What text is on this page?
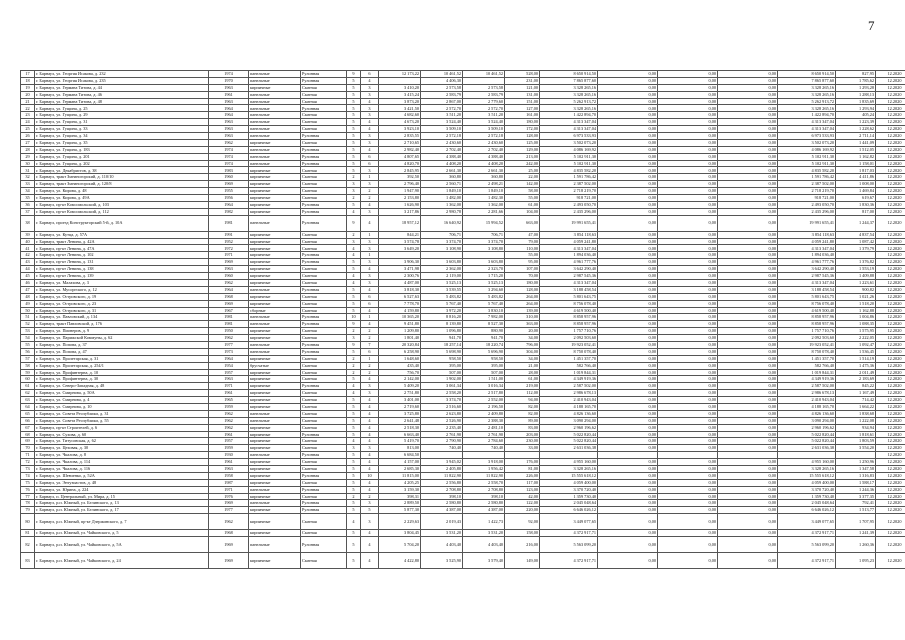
7
17	г. Барнаул, ул. Георгия Исакова, д. 232	1974	панельные	Рулонная	9	6	12 173,22	10 461,52	10 461,52	528,00	8 650 914,50	0,00	0,00	0,00	8 650 914,50	827,95	12.2020
18	г. Барнаул, ул. Георгия Исакова, д. 235	1970	панельные	Рулонная	5	4		4 406,30		231,00	7 865 877,60	0,00	0,00	0,00	7 865 877,60	1 785,62	12.2020
19	г. Барнаул, ул. Германа Титова, д. 44	1963	кирпичные	Скатная	5	3	3 410,20	2 573,58	2 573,58	121,00	3 328 265,16	0,00	0,00	0,00	3 328 265,16	1 293,28	12.2020
20	г. Барнаул, ул. Германа Титова, д. 46	1961	панельные	Скатная	5	3	3 415,24	2 583,79	2 583,79	131,00	3 328 265,16	0,00	0,00	0,00	3 328 265,16	1 288,13	12.2020
21	г. Барнаул, ул. Германа Титова, д. 48	1963	панельные	Скатная	5	4	3 873,20	2 867,00	2 779,60	151,00	5 262 913,72	0,00	0,00	0,00	5 262 913,72	1 835,69	12.2020
22	г. Барнаул, ул. Гущина, д. 25	1964	панельные	Рулонная	5	3	3 421,50	2 572,70	2 572,70	127,00	3 328 265,16	0,00	0,00	0,00	3 328 265,16	1 293,94	12.2020
23	г. Барнаул, ул. Гущина, д. 29	1964	панельные	Скатная	5	3	4 682,60	3 511,20	3 511,20	161,00	1 422 894,70	0,00	0,00	0,00	1 422 894,70	405,24	12.2020
24	г. Барнаул, ул. Гущина, д. 31	1963	панельные	Скатная	5	4	4 673,20	3 524,40	3 524,40	180,00	4 313 347,04	0,00	0,00	0,00	4 313 347,04	1 223,39	12.2020
25	г. Барнаул, ул. Гущина, д. 33	1963	панельные	Скатная	5	4	3 923,10	3 509,10	3 509,10	172,00	4 313 347,04	0,00	0,00	0,00	4 313 347,04	1 228,62	12.2020
26	г. Барнаул, ул. Гущина, д. 34	1963	панельные	Рулонная	5	3	2 835,55	2 572,18	2 572,18	128,00	6 973 533,93	0,00	0,00	0,00	6 973 533,93	2 711,14	12.2020
27	г. Барнаул, ул. Гущина, д. 35	1962	кирпичные	Скатная	5	3	2 710,65	2 430,60	2 430,60	125,00	3 502 073,20	0,00	0,00	0,00	3 502 073,20	1 441,09	12.2020
28	г. Барнаул, ул. Гущина, д. 183	1974	панельные	Рулонная	5	4	2 982,40	2 702,40	2 702,40	129,00	4 086 169,92	0,00	0,00	0,00	4 086 169,92	1 512,05	12.2020
29	г. Барнаул, ул. Гущина, д. 201	1974	панельные	Рулонная	5	6	4 807,65	4 388,40	4 388,40	213,00	5 102 911,30	0,00	0,00	0,00	5 102 911,30	1 162,82	12.2020
30	г. Барнаул, ул. Гущина, д. 202	1974	панельные	Рулонная	5	6	4 820,70	4 408,20	4 408,20	242,00	5 102 911,30	0,00	0,00	0,00	5 102 911,30	1 158,01	12.2020
31	г. Барнаул, ул. Декабристов, д. 38	1983	кирпичные	Скатная	5	3	2 845,95	2 661,30	2 661,30	25,00	4 835 582,20	0,00	0,00	0,00	4 835 582,20	1 817,03	12.2020
32	г. Барнаул, тракт Змеиногорский, д. 110/10	1960	кирпичные	Скатная	2	1	392,50	360,80	360,80	22,00	1 591 786,42	0,00	0,00	0,00	1 591 786,42	4 411,86	12.2020
33	г. Барнаул, тракт Змеиногорский, д. 120/8	1969	кирпичные	Скатная	3	3	2 796,40	2 560,71	2 498,21	142,00	2 387 502,00	0,00	0,00	0,00	2 387 502,00	1 008,00	12.2020
34	г. Барнаул, ул. Кирова, д. 48	1955	кирпичные	Скатная	3	2	1 947,90	1 849,10	1 849,10	58,00	2 718 219,70	0,00	0,00	0,00	2 718 219,70	1 469,84	12.2020
35	г. Барнаул, ул. Кирова, д. 49А	1956	кирпичные	Скатная	2	2	2 153,80	1 482,00	1 482,30	55,00	918 721,00	0,00	0,00	0,00	918 721,00	619,67	12.2020
36	г. Барнаул, пр-кт Комсомольский, д. 103	1964	кирпичные	Рулонная	5	4	1 626,90	1 362,00	1 362,00	61,00	2 493 050,70	0,00	0,00	0,00	2 493 050,70	1 830,36	12.2020
37	г. Барнаул, пр-кт Комсомольский, д. 112	1982	кирпичные	Рулонная	4	3	3 217,86	2 980,78	2 281,66	104,00	2 435 296,00	0,00	0,00	0,00	2 435 296,00	817,00	12.2020
38	г. Барнаул, проезд Конструкторский 5-й, д. 10А	1981	панельные	Рулонная	9	4	18 957,12	16 640,92	15 994,52	663,00	19 991 655,41	0,00	0,00	0,00	19 991 655,41	1 244,37	12.2020
39	г. Барнаул, ул. Кутца, д. 57А	1991	кирпичные	Скатная	2	1	844,21	706,71	706,71	47,00	3 854 118,63	0,00	0,00	0,00	3 854 118,63	4 837,54	12.2020
40	г. Барнаул, тракт Ленина, д. 42А	1952	кирпичные	Скатная	3	3	3 574,78	3 374,70	3 374,70	79,00	4 059 241,80	0,00	0,00	0,00	4 059 241,80	1 087,42	12.2020
41	г. Барнаул, пр-кт Ленина, д. 47А	1972	кирпичные	Скатная	4	3	3 649,20	3 108,90	3 108,80	110,00	4 313 347,04	0,00	0,00	0,00	4 313 347,04	1 379,79	12.2020
42	г. Барнаул, пр-кт Ленина, д. 102	1971	кирпичные	Рулонная	4	1				55,00	1 894 036,40	0,00	0,00	0,00	1 894 036,40		12.2020
43	г. Барнаул, пр-кт Ленина, д. 131	1969	кирпичные	Рулонная	5	3	3 906,30	3 603,80	3 603,80	95,00	4 961 777,76	0,00	0,00	0,00	4 961 777,76	1 376,82	12.2020
44	г. Барнаул, пр-кт Ленина, д. 138	1963	кирпичные	Скатная	5	4	3 471,98	2 362,00	2 323,70	107,00	3 642 290,40	0,00	0,00	0,00	3 642 290,40	1 553,19	12.2020
45	г. Барнаул, пр-кт Ленина, д. 139	1960	кирпичные	Скатная	4	3	2 300,76	2 119,00	1 715,20	70,00	2 987 545,36	0,00	0,00	0,00	2 987 545,36	1 409,88	12.2020
46	г. Барнаул, ул. Малахова, д. 3	1962	кирпичные	Скатная	4	3	4 487,00	3 525,13	3 525,13	180,00	4 313 347,04	0,00	0,00	0,00	4 313 347,04	1 223,61	12.2020
47	г. Барнаул, ул. Мусоргского, д. 12	1964	панельные	Рулонная	5	4	3 818,30	3 539,55	3 294,60	128,00	3 188 458,54	0,00	0,00	0,00	3 188 458,54	900,82	12.2020
48	г. Барнаул, ул. Островского, д. 19	1968	кирпичные	Скатная	5	6	6 527,63	5 483,82	5 483,82	264,00	5 801 643,75	0,00	0,00	0,00	5 801 643,75	1 021,26	12.2020
49	г. Барнаул, ул. Островского, д. 23	1969	кирпичные	Скатная	5	6	7 778,70	5 767,40	5 767,40	264,00	8 756 078,40	0,00	0,00	0,00	8 756 078,40	1 518,20	12.2020
50	г. Барнаул, ул. Островского, д. 31	1967	сборные	Скатная	5	4	4 159,80	3 972,20	3 830,10	139,00	4 619 500,40	0,00	0,00	0,00	4 619 500,40	1 162,88	12.2020
51	г. Барнаул, ул. Павловский, д. 134	1981	панельные	Рулонная	10	1	10 365,20	8 816,20	7 982,00	310,00	8 858 957,96	0,00	0,00	0,00	8 858 957,96	1 004,86	12.2020
52	г. Барнаул, тракт Павловский, д. 176	1981	панельные	Рулонная	9	4	9 451,80	8 139,80	8 527,30	363,00	8 858 957,96	0,00	0,00	0,00	8 858 957,96	1 088,35	12.2020
53	г. Барнаул, ул. Пионеров, д. 9	1950	кирпичные	Скатная	2	2	1 209,80	1 096,80	880,90	20,00	1 757 710,76	0,00	0,00	0,00	1 757 710,76	1 575,95	12.2020
54	г. Барнаул, ул. Парижской Коммуны, д. 62	1962	кирпичные	Скатная	3	2	1 801,40	941,70	941,70	34,00	2 092 503,60	0,00	0,00	0,00	2 092 503,60	2 222,05	12.2020
55	г. Барнаул, ул. Попова, д. 37	1977	панельные	Рулонная	9	7	20 320,84	18 257,14	18 220,74	796,00	19 923 052,41	0,00	0,00	0,00	19 923 052,41	1 092,47	12.2020
56	г. Барнаул, ул. Попова, д. 47	1973	панельные	Рулонная	5	6	6 258,90	5 698,90	5 696,90	304,00	8 750 078,40	0,00	0,00	0,00	8 750 078,40	1 536,45	12.2020
57	г. Барнаул, ул. Пролетарская, д. 31	1964	кирпичные	Скатная	2	1	1 648,60	958,50	958,50	34,00	1 451 357,70	0,00	0,00	0,00	1 451 357,70	1 514,19	12.2020
58	г. Барнаул, ул. Пролетарская, д. 254/1	1954	брусчатые	Скатная	2	2	435,40	395,00	395,00	21,00	582 766,40	0,00	0,00	0,00	582 766,40	1 475,36	12.2020
59	г. Барнаул, ул. Профинтерна, д. 10	1957	кирпичные	Скатная	2	2	756,70	507,00	507,00	28,00	1 019 844,31	0,00	0,00	0,00	1 019 844,31	2 011,49	12.2020
60	г. Барнаул, ул. Профинтерна, д. 30	1963	кирпичные	Скатная	5	4	2 142,00	1 902,00	1 511,00	61,00	4 349 919,36	0,00	0,00	0,00	4 349 919,36	2 183,69	12.2020
61	г. Барнаул, ул. Северо-Западная, д. 48	1971	кирпичные	Рулонная	4	3	5 409,20	3 061,34	3 016,34	219,00	2 587 502,00	0,00	0,00	0,00	2 587 502,00	845,22	12.2020
62	г. Барнаул, ул. Смирнова, д. 50А	1961	кирпичные	Скатная	4	3	2 751,80	2 558,20	2 517,80	112,00	2 986 678,13	0,00	0,00	0,00	2 986 678,13	1 167,49	12.2020
63	г. Барнаул, ул. Смирнова, д. 4	1965	кирпичные	Скатная	5	4	3 401,00	3 374,70	2 552,00	94,00	2 410 943,04	0,00	0,00	0,00	2 410 943,04	714,42	12.2020
64	г. Барнаул, ул. Смирнова, д. 10	1959	кирпичные	Скатная	5	4	2 719,60	2 516,60	2 196,50	82,00	4 188 165,70	0,00	0,00	0,00	4 188 165,70	1 664,22	12.2020
65	г. Барнаул, ул. Совета Республики, д. 31	1962	панельные	Скатная	5	4	3 725,80	2 623,80	2 409,80	82,00	4 826 136,60	0,00	0,00	0,00	4 826 136,60	1 838,68	12.2020
66	г. Барнаул, ул. Совета Республики, д. 55	1962	панельные	Скатная	5	4	2 641,48	2 526,90	2 388,30	89,00	3 090 294,00	0,00	0,00	0,00	3 090 294,00	1 222,08	12.2020
67	г. Барнаул, пр-кт Строителей, д. 6	1962	кирпичные	Скатная	5	4	2 518,30	2 235,40	2 481,10	83,00	2 960 196,62	0,00	0,00	0,00	2 960 196,62	934,94	12.2020
68	г. Барнаул, ул. Сухова, д. 60	1961	кирпичные	Рулонная	5	4	6 663,40	2 761,90	2 761,90	203,00	5 022 820,44	0,00	0,00	0,00	5 022 820,44	1 818,61	12.2020
69	г. Барнаул, ул. Титусовская, д. 62	1957	кирпичные	Скатная	4	4	5 419,70	2 790,90	2 784,60	230,00	5 022 820,44	0,00	0,00	0,00	5 022 820,44	1 803,59	12.2020
70	г. Барнаул, ул. Цеховая, д. 30	1959	кирпичные	Скатная	3	3	813,00	740,40	740,40	33,00	2 631 036,38	0,00	0,00	0,00	2 631 036,38	3 554,20	12.2020
71	г. Барнаул, ул. Чкалова, д. 8	1930	панельные	Рулонная	5	4	6 684,50										12.2020
72	г. Барнаул, ул. Чкалова, д. 114	1961	кирпичные	Скатная	5	4	4 157,00	3 945,02	3 918,00	176,00	4 955 160,00	0,00	0,00	0,00	4 955 160,00	1 250,96	12.2020
73	г. Барнаул, ул. Чкалова, д. 116	1963	кирпичные	Скатная	5	4	2 685,30	2 405,80	1 956,42	81,00	3 328 265,16	0,00	0,00	0,00	3 328 265,16	1 347,58	12.2020
74	г. Барнаул, ул. Шевченко, д. 52А	1958	кирпичные	Рулонная	5	10	11 815,00	11 822,90	11 822,90	226,00	15 555 618,12	0,00	0,00	0,00	15 555 618,12	1 316,83	12.2020
75	г. Барнаул, ул. Энтузиастов, д. 48	1987	кирпичные	Скатная	5	4	4 205,25	2 556,80	2 558,70	117,00	4 059 400,00	0,00	0,00	0,00	4 059 400,00	1 588,17	12.2020
76	г. Барнаул, ул. Юрина, д. 224	1971	панельные	Рулонная	5	4	3 159,30	2 708,80	2 708,80	123,00	3 370 720,40	0,00	0,00	0,00	3 370 720,40	1 244,36	12.2020
77	г. Барнаул, п. Центральный, ул. Мира, д. 15	1976	кирпичные	Скатная	2	2	398,31	398,10	398,10	42,00	1 359 730,40	0,00	0,00	0,00	1 359 730,40	3 377,35	12.2020
78	г. Барнаул, р.п. Южный, ул. Белинского, д. 13	1969	панельные	Рулонная	5	3	2 889,50	2 580,80	2 580,80	122,00	2 045 048,64	0,00	0,00	0,00	2 045 048,64	792,41	12.2020
79	г. Барнаул, р.п. Южный, ул. Белинского, д. 17	1977	кирпичные	Рулонная	5	5	5 877,30	4 387,00	4 387,00	220,00	6 646 026,12	0,00	0,00	0,00	6 646 026,12	1 513,77	12.2020
80	г. Барнаул, р.п. Южный, пр-кт Дзержинского, д. 7	1962	кирпичные	Скатная	4	3	2 229,63	2 019,43	1 422,73	92,00	3 449 077,65	0,00	0,00	0,00	3 449 077,65	1 707,95	12.2020
81	г. Барнаул, р.п. Южный, ул. Чайковского, д. 5	1968	кирпичные	Скатная	5	4	3 804,45	3 531,20	3 531,20	158,00	4 372 917,71	0,00	0,00	0,00	4 372 917,71	1 241,39	12.2020
82	г. Барнаул, р.п. Южный, ул. Чайковского, д. 5А	1969	панельные	Рулонная	5	4	5 704,20	4 403,40	4 403,40	216,00	5 563 099,20	0,00	0,00	0,00	5 563 099,20	1 260,36	12.2020
83	г. Барнаул, р.п. Южный, ул. Чайковского, д. 24	1969	кирпичные	Скатная	5	4	4 422,80	3 525,90	3 579,40	149,00	4 372 917,71	0,00	0,00	0,00	4 372 917,71	1 095,23	12.2020
